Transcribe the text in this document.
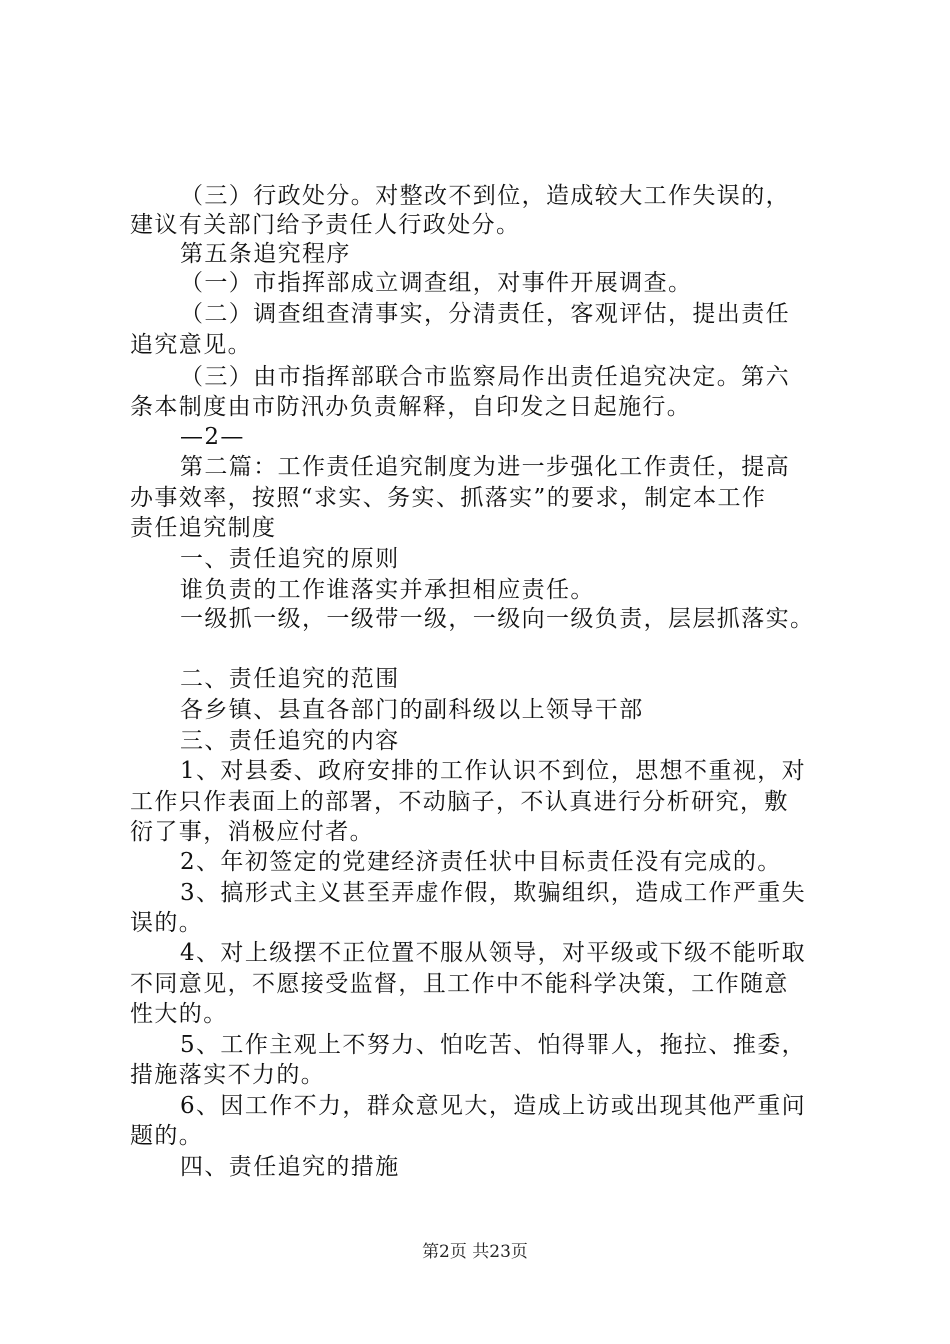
（三）行政处分。对整改不到位，造成较大工作失误的，
建议有关部门给予责任人行政处分。
第五条追究程序
（一）市指挥部成立调查组，对事件开展调查。
（二）调查组查清事实，分清责任，客观评估，提出责任
追究意见。
（三）由市指挥部联合市监察局作出责任追究决定。第六
条本制度由市防汛办负责解释，自印发之日起施行。
—2—
第二篇：工作责任追究制度为进一步强化工作责任，提高
办事效率，按照“求实、务实、抓落实”的要求，制定本工作
责任追究制度
一、责任追究的原则
谁负责的工作谁落实并承担相应责任。
一级抓一级，一级带一级，一级向一级负责，层层抓落实。
二、责任追究的范围
各乡镇、县直各部门的副科级以上领导干部
三、责任追究的内容
1、对县委、政府安排的工作认识不到位，思想不重视，对
工作只作表面上的部署，不动脑子，不认真进行分析研究，敷
衍了事，消极应付者。
2、年初签定的党建经济责任状中目标责任没有完成的。
3、搞形式主义甚至弄虚作假，欺骗组织，造成工作严重失
误的。
4、对上级摆不正位置不服从领导，对平级或下级不能听取
不同意见，不愿接受监督，且工作中不能科学决策，工作随意
性大的。
5、工作主观上不努力、怕吃苦、怕得罪人，拖拉、推委，
措施落实不力的。
6、因工作不力，群众意见大，造成上访或出现其他严重问
题的。
四、责任追究的措施
第2页 共23页
